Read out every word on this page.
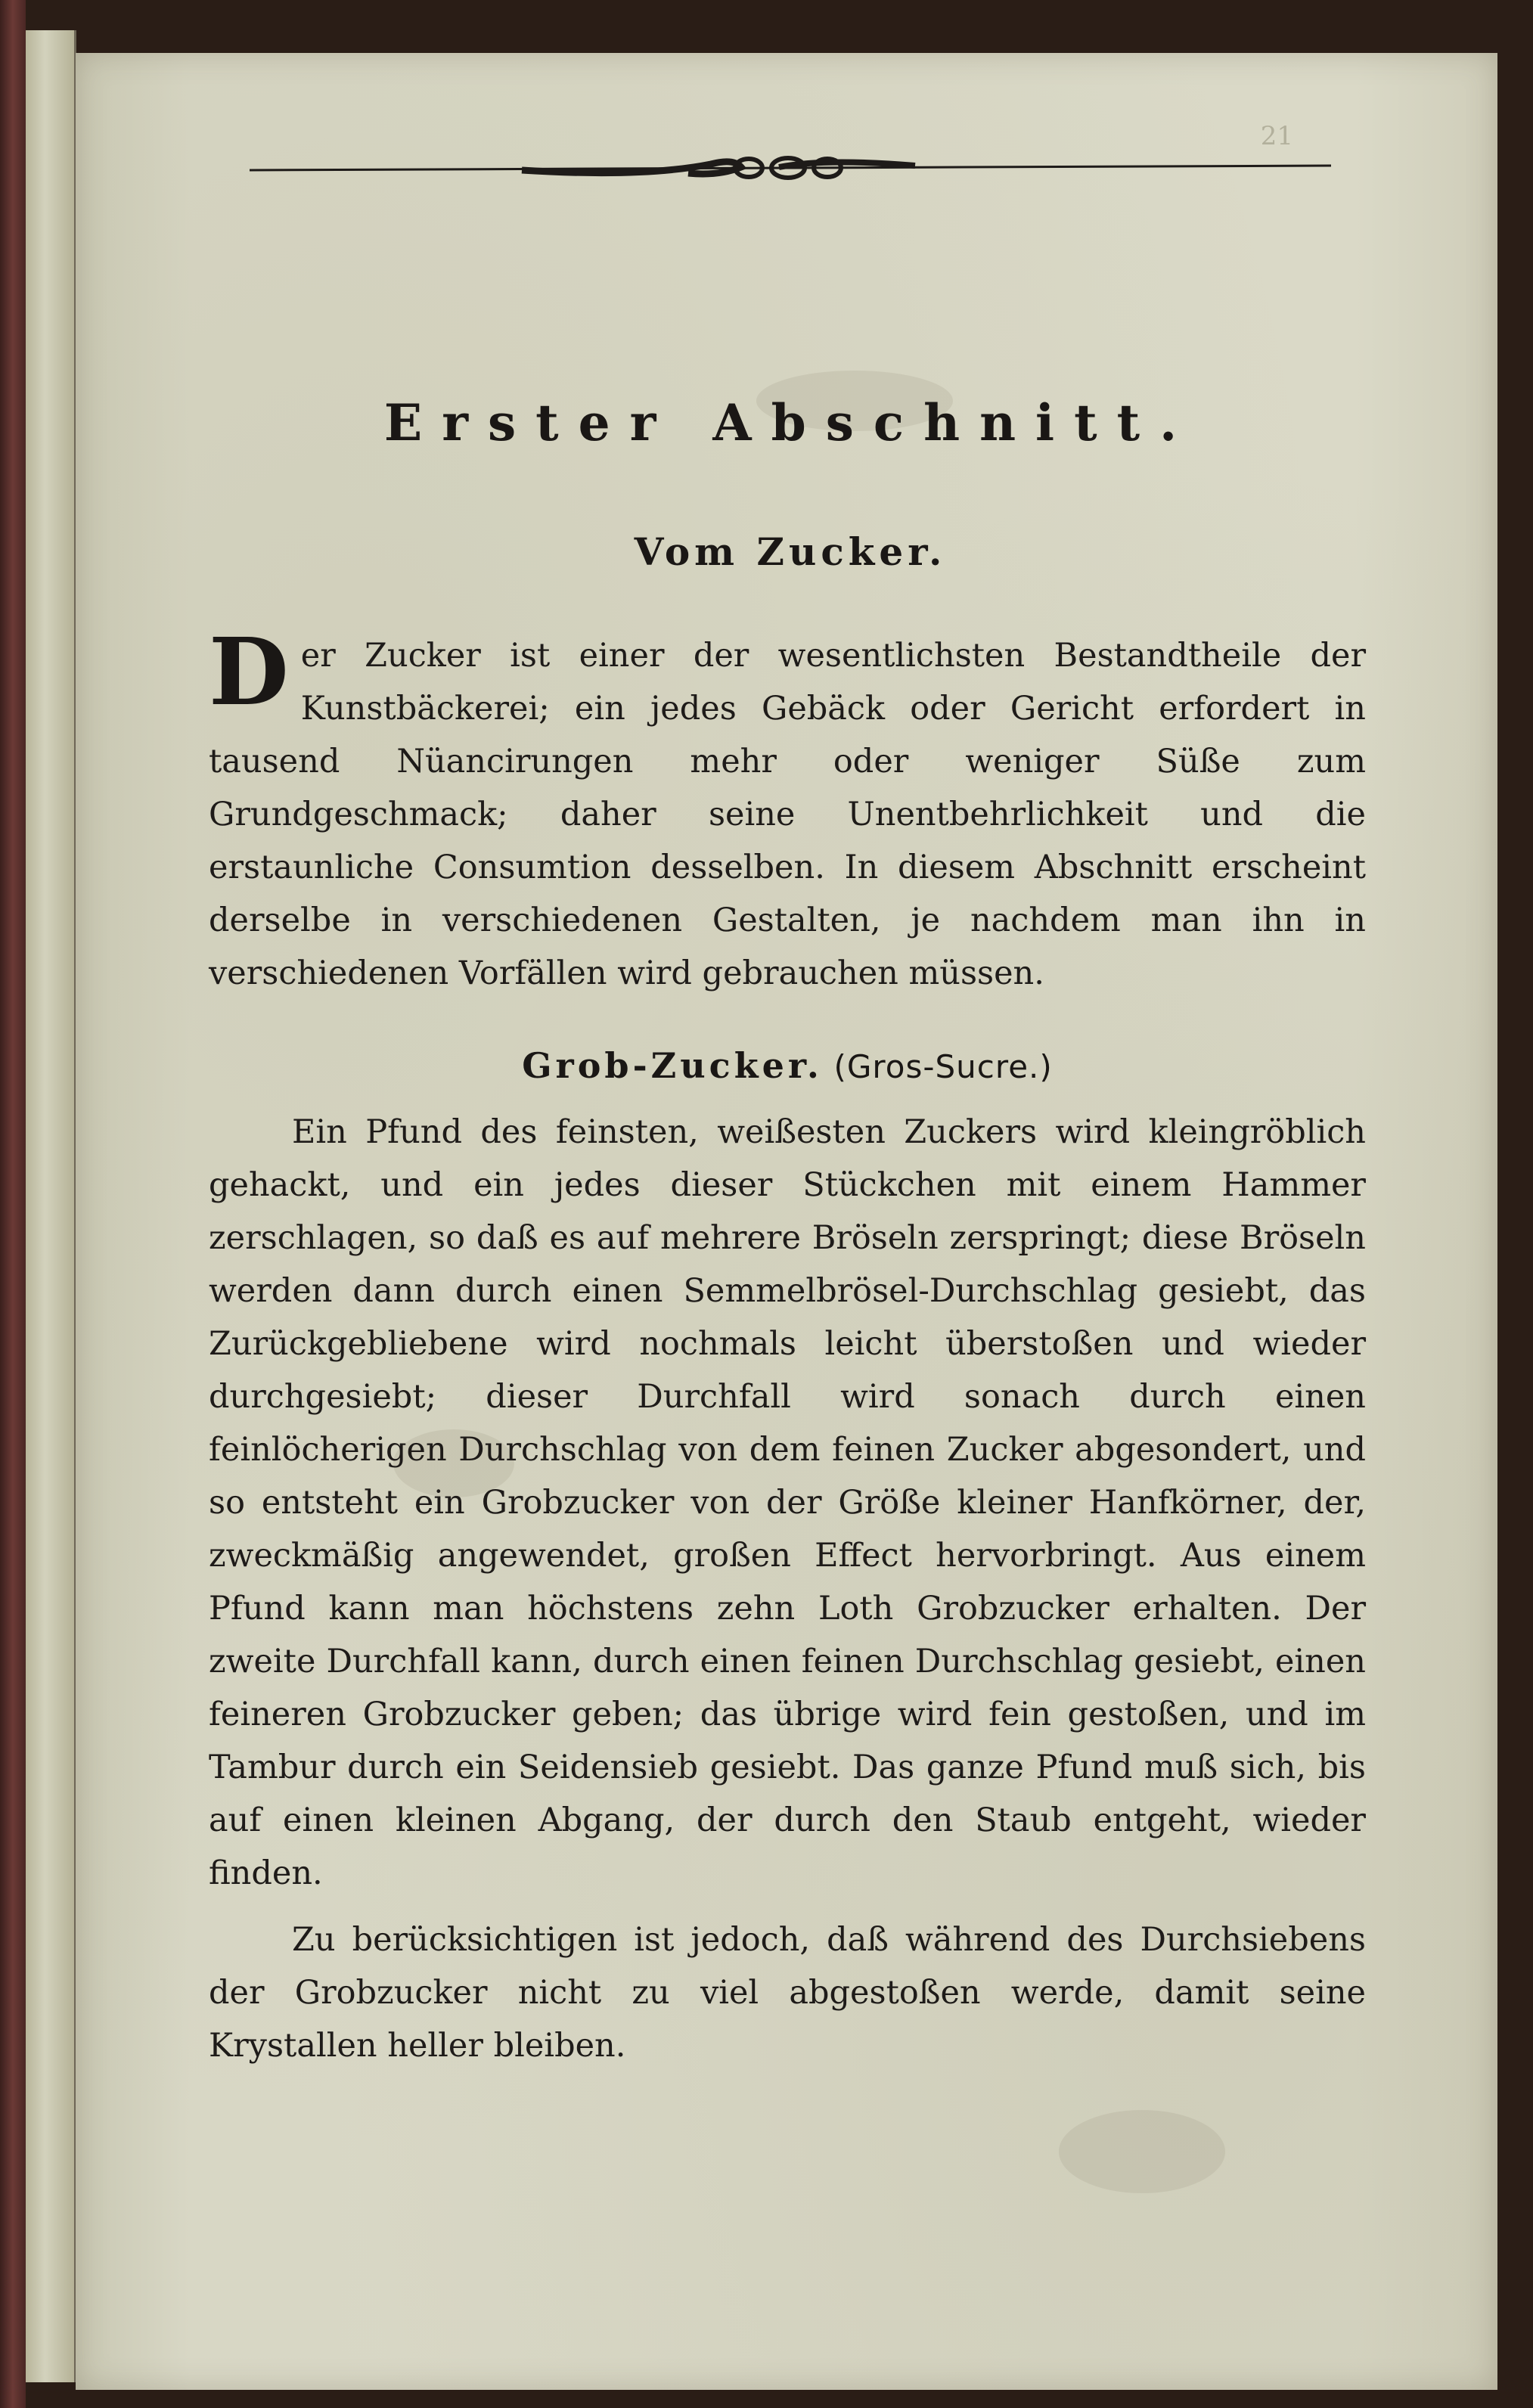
21
Erster Abschnitt.
Vom Zucker.
Der Zucker ist einer der wesentlichsten Bestandtheile der Kunstbäckerei; ein jedes Gebäck oder Gericht erfordert in tausend Nüancirungen mehr oder weniger Süße zum Grundgeschmack; daher seine Unentbehrlichkeit und die erstaunliche Consumtion desselben. In diesem Abschnitt erscheint derselbe in verschiedenen Gestalten, je nachdem man ihn in verschiedenen Vorfällen wird gebrauchen müssen.
Grob-Zucker. (Gros-Sucre.)
Ein Pfund des feinsten, weißesten Zuckers wird kleingröblich gehackt, und ein jedes dieser Stückchen mit einem Hammer zerschlagen, so daß es auf mehrere Bröseln zerspringt; diese Bröseln werden dann durch einen Semmelbrösel-Durchschlag gesiebt, das Zurückgebliebene wird nochmals leicht überstoßen und wieder durchgesiebt; dieser Durchfall wird sonach durch einen feinlöcherigen Durchschlag von dem feinen Zucker abgesondert, und so entsteht ein Grobzucker von der Größe kleiner Hanfkörner, der, zweckmäßig angewendet, großen Effect hervorbringt. Aus einem Pfund kann man höchstens zehn Loth Grobzucker erhalten. Der zweite Durchfall kann, durch einen feinen Durchschlag gesiebt, einen feineren Grobzucker geben; das übrige wird fein gestoßen, und im Tambur durch ein Seidensieb gesiebt. Das ganze Pfund muß sich, bis auf einen kleinen Abgang, der durch den Staub entgeht, wieder finden.
Zu berücksichtigen ist jedoch, daß während des Durchsiebens der Grobzucker nicht zu viel abgestoßen werde, damit seine Krystallen heller bleiben.
